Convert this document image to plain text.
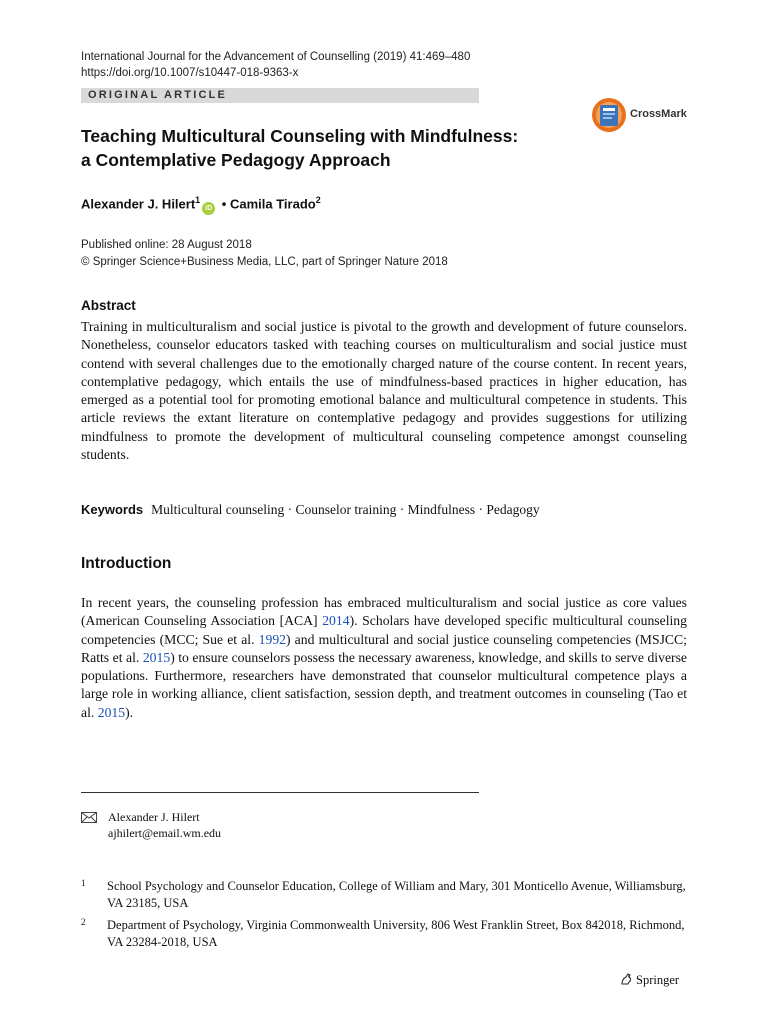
International Journal for the Advancement of Counselling (2019) 41:469–480
https://doi.org/10.1007/s10447-018-9363-x
ORIGINAL ARTICLE
CrossMark
Teaching Multicultural Counseling with Mindfulness:
a Contemplative Pedagogy Approach
Alexander J. Hilert$^1$iD • Camila Tirado$^2$
Published online: 28 August 2018
© Springer Science+Business Media, LLC, part of Springer Nature 2018
Abstract

Training in multiculturalism and social justice is pivotal to the growth and development of future counselors. Nonetheless, counselor educators tasked with teaching courses on multiculturalism and social justice must contend with several challenges due to the emotionally charged nature of the course content. In recent years, contemplative pedagogy, which entails the use of mindfulness-based practices in higher education, has emerged as a potential tool for promoting emotional balance and multicultural competence in students. This article reviews the extant literature on contemplative pedagogy and provides suggestions for utilizing mindfulness to promote the development of multicultural counseling competence amongst counseling students.

Keywords Multicultural counseling · Counselor training · Mindfulness · Pedagogy
Introduction

In recent years, the counseling profession has embraced multiculturalism and social justice as core values (American Counseling Association [ACA] 2014). Scholars have developed specific multicultural counseling competencies (MCC; Sue et al. 1992) and multicultural and social justice counseling competencies (MSJCC; Ratts et al. 2015) to ensure counselors possess the necessary awareness, knowledge, and skills to serve diverse populations. Furthermore, researchers have demonstrated that counselor multicultural competence plays a large role in working alliance, client satisfaction, session depth, and treatment outcomes in counseling (Tao et al. 2015).

Alexander J. Hilert
ajhilert@email.wm.edu
1 School Psychology and Counselor Education, College of William and Mary, 301 Monticello Avenue, Williamsburg, VA 23185, USA
2 Department of Psychology, Virginia Commonwealth University, 806 West Franklin Street, Box 842018, Richmond, VA 23284-2018, USA
Springer
